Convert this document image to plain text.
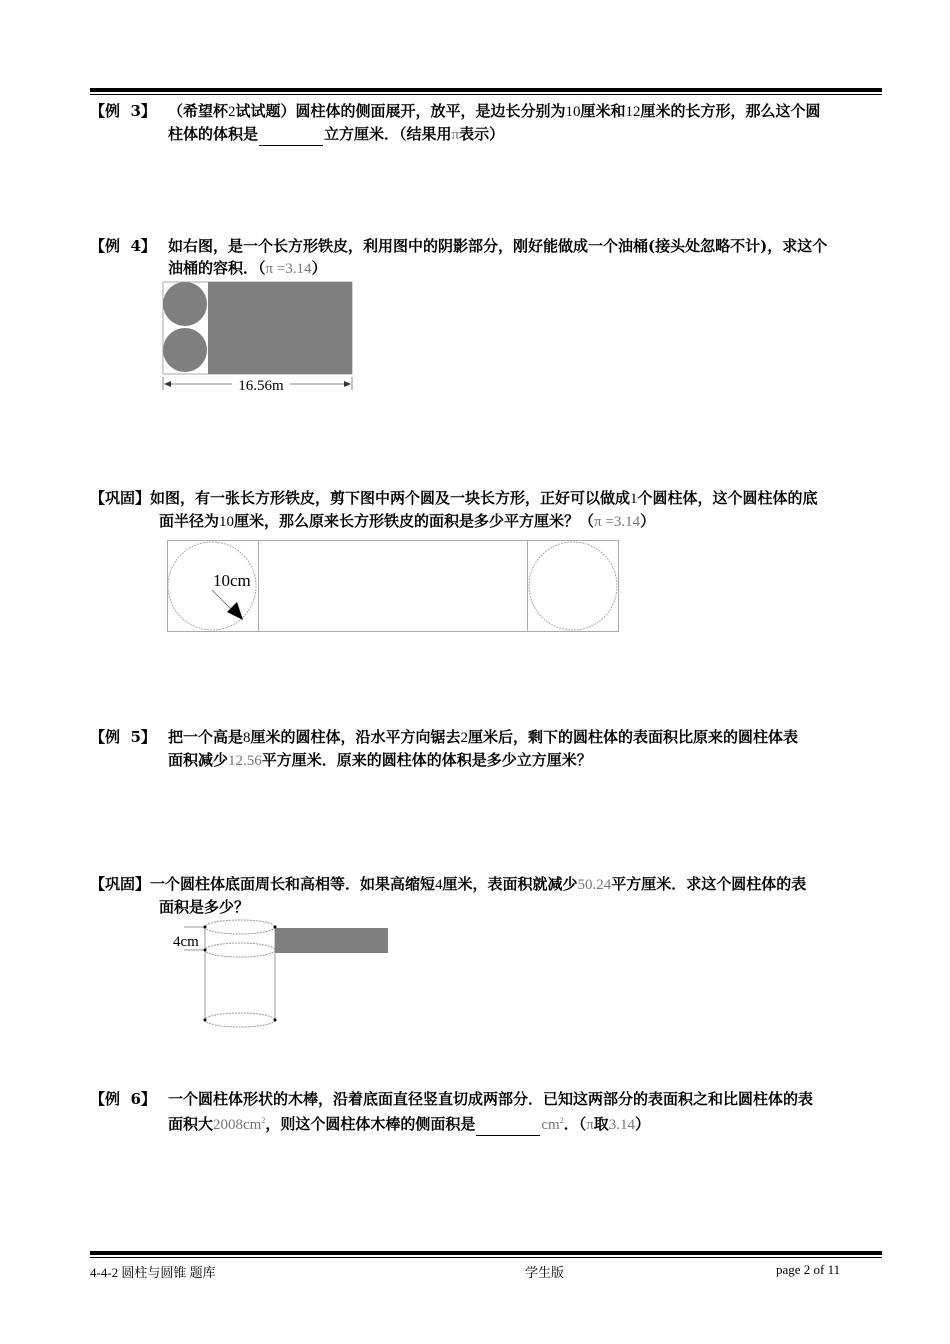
【例  3】 （希望杯2试试题）圆柱体的侧面展开，放平，是边长分别为10厘米和12厘米的长方形，那么这个圆
柱体的体积是	立方厘米．（结果用π表示）
【例  4】 如右图，是一个长方形铁皮，利用图中的阴影部分，刚好能做成一个油桶(接头处忽略不计)，求这个
油桶的容积．（π =3.14）
16.56m
【巩固】 如图，有一张长方形铁皮，剪下图中两个圆及一块长方形，正好可以做成1个圆柱体，这个圆柱体的底
面半径为10厘米，那么原来长方形铁皮的面积是多少平方厘米？（π =3.14）
10cm
【例  5】 把一个高是8厘米的圆柱体，沿水平方向锯去2厘米后，剩下的圆柱体的表面积比原来的圆柱体表
面积减少12.56平方厘米．原来的圆柱体的体积是多少立方厘米？
【巩固】 一个圆柱体底面周长和高相等．如果高缩短4厘米，表面积就减少50.24平方厘米．求这个圆柱体的表
面积是多少？
4cm
【例  6】 一个圆柱体形状的木棒，沿着底面直径竖直切成两部分．已知这两部分的表面积之和比圆柱体的表
面积大$2008cm^2$，则这个圆柱体木棒的侧面积是	$cm^2$．（π取3.14）
4-4-2 圆柱与圆锥 题库	学生版	page 2 of 11
